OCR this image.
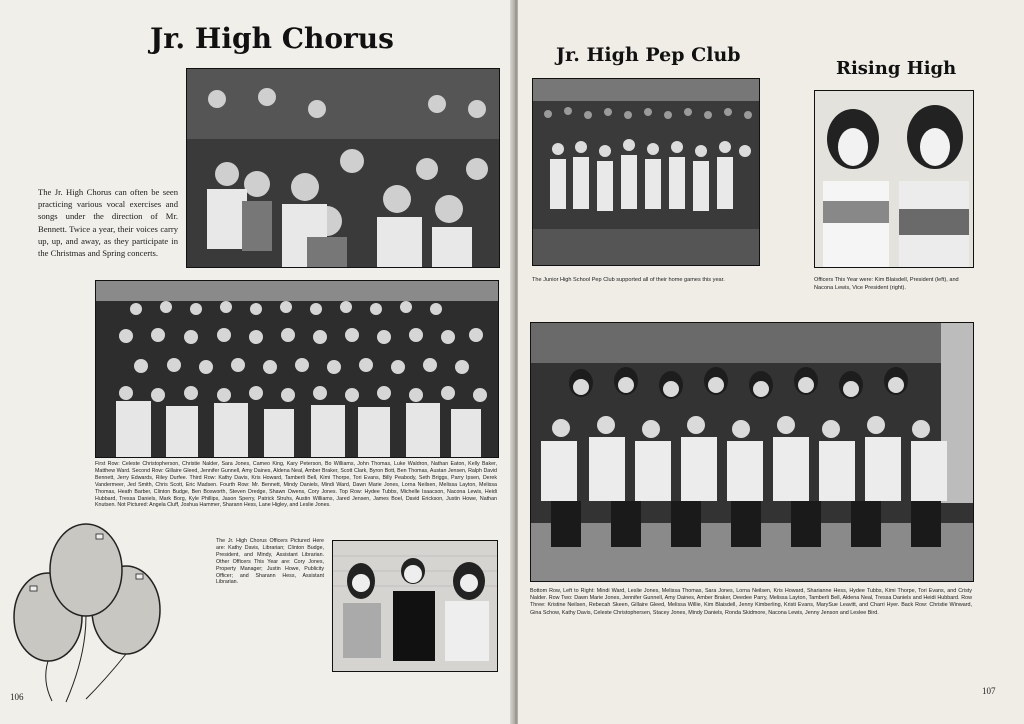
Jr. High Chorus

The Jr. High Chorus can often be seen practicing various vocal exercises and songs under the direction of Mr. Bennett. Twice a year, their voices carry up, up, and away, as they participate in the Christmas and Spring concerts.

First Row: Celeste Christopherson, Christie Nalder, Sara Jones, Cameo King, Kary Peterson, Bo Williams, John Thomas, Luke Waldron, Nathan Eaton, Kelly Baker, Matthew Ward. Second Row: Gillaire Gleed, Jennifer Gunnell, Amy Daines, Aldena Neal, Amber Braker, Scott Clark, Byron Bott, Ben Thomas, Austan Jensen, Ralph David Bennett, Jerry Edwards, Riley Durfee. Third Row: Kathy Davis, Kris Howard, Tamberli Bell, Kimi Thorpe, Tori Evans, Billy Peabody, Seth Briggs, Parry Ipsen, Derek Vandermeer, Jed Smith, Chris Scott, Eric Madsen. Fourth Row: Mr. Bennett, Mindy Daniels, Mindi Ward, Dawn Marie Jones, Lorna Neilsen, Melissa Layton, Melissa Thomas, Heath Barber, Clinton Budge, Ben Bosworth, Steven Dredge, Shawn Owens, Cory Jones. Top Row: Hydee Tubbs, Michelle Isaacson, Nacona Lewis, Heidi Hubbard, Tressa Daniels, Mark Borg, Kyle Phillips, Jason Sperry, Patrick Struhs, Austin Williams, Jared Jensen, James Boel, David Erickson, Justin Howe, Nathan Knutsen. Not Pictured: Angela Cluff, Joshua Hammer, Sharann Hess, Lane Higley, and Leslie Jones.

The Jr. High Chorus Officers Pictured Here are: Kathy Davis, Librarian; Clinton Budge, President, and Mindy, Assistant Librarian. Other Officers This Year are: Cory Jones, Property Manager; Justin Howe, Publicity Officer; and Sharann Hess, Assistant Librarian.

106
Jr. High Pep Club

The Junior High School Pep Club supported all of their home games this year.

Rising High

Officers This Year were: Kim Blaisdell, President (left), and Nacona Lewis, Vice President (right).

Bottom Row, Left to Right: Mindi Ward, Leslie Jones, Melissa Thomas, Sara Jones, Lorna Neilsen, Kris Howard, Sharianne Hess, Hydee Tubbs, Kimi Thorpe, Tori Evans, and Cristy Nalder. Row Two: Dawn Marie Jones, Jennifer Gunnell, Amy Daines, Amber Braker, Deedee Parry, Melissa Layton, Tamberli Bell, Aldena Neal, Tressa Daniels and Heidi Hubbard. Row Three: Kristine Neilsen, Rebecah Skeen, Gillaire Gleed, Melissa Willie, Kim Blaisdell, Jenny Kimberling, Kristi Evans, MarySue Leavitt, and Charri Hyer. Back Row: Christie Winward, Gina Schow, Kathy Davis, Celeste Christophersen, Stacey Jones, Mindy Daniels, Ronda Skidmore, Nacona Lewis, Jenny Jenson and Leslee Bird.

107
